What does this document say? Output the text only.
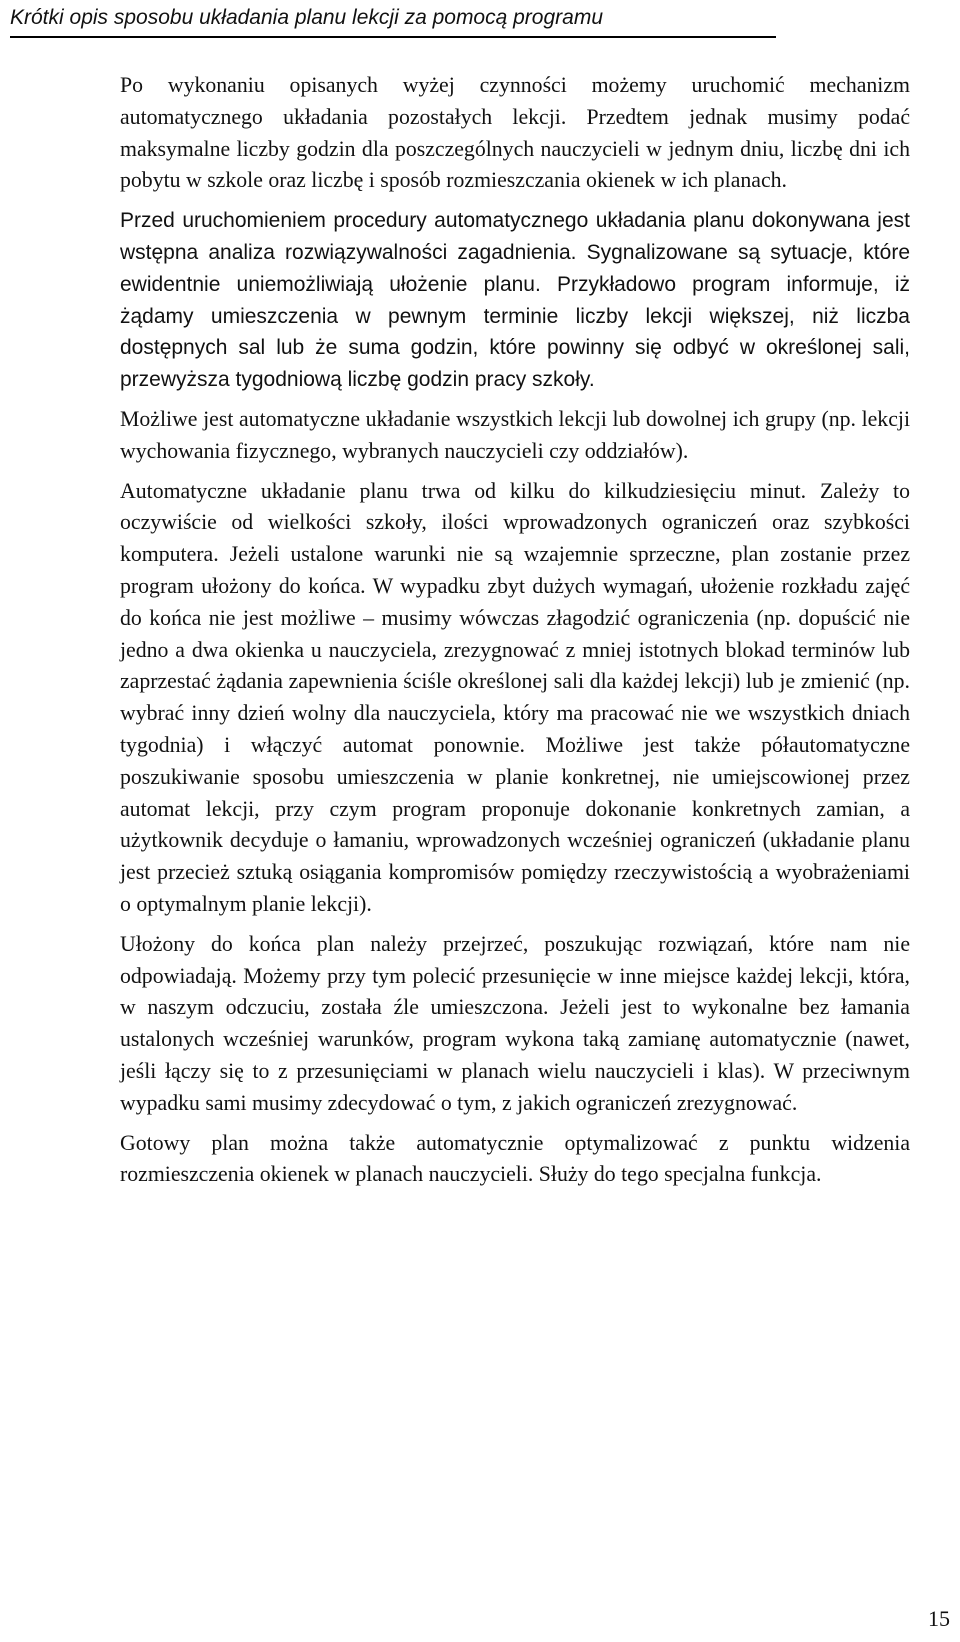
Krótki opis sposobu układania planu lekcji za pomocą programu

Po wykonaniu opisanych wyżej czynności możemy uruchomić mechanizm automatycznego układania pozostałych lekcji. Przedtem jednak musimy podać maksymalne liczby godzin dla poszczególnych nauczycieli w jednym dniu, liczbę dni ich pobytu w szkole oraz liczbę i sposób rozmieszczania okienek w ich planach.

Przed uruchomieniem procedury automatycznego układania planu dokonywana jest wstępna analiza rozwiązywalności zagadnienia. Sygnalizowane są sytuacje, które ewidentnie uniemożliwiają ułożenie planu. Przykładowo program informuje, iż żądamy umieszczenia w pewnym terminie liczby lekcji większej, niż liczba dostępnych sal lub że suma godzin, które powinny się odbyć w określonej sali, przewyższa tygodniową liczbę godzin pracy szkoły.

Możliwe jest automatyczne układanie wszystkich lekcji lub dowolnej ich grupy (np. lekcji wychowania fizycznego, wybranych nauczycieli czy oddziałów).

Automatyczne układanie planu trwa od kilku do kilkudziesięciu minut. Zależy to oczywiście od wielkości szkoły, ilości wprowadzonych ograniczeń oraz szybkości komputera. Jeżeli ustalone warunki nie są wzajemnie sprzeczne, plan zostanie przez program ułożony do końca. W wypadku zbyt dużych wymagań, ułożenie rozkładu zajęć do końca nie jest możliwe – musimy wówczas złagodzić ograniczenia (np. dopuścić nie jedno a dwa okienka u nauczyciela, zrezygnować z mniej istotnych blokad terminów lub zaprzestać żądania zapewnienia ściśle określonej sali dla każdej lekcji) lub je zmienić (np. wybrać inny dzień wolny dla nauczyciela, który ma pracować nie we wszystkich dniach tygodnia) i włączyć automat ponownie. Możliwe jest także półautomatyczne poszukiwanie sposobu umieszczenia w planie konkretnej, nie umiejscowionej przez automat lekcji, przy czym program proponuje dokonanie konkretnych zamian, a użytkownik decyduje o łamaniu, wprowadzonych wcześniej ograniczeń (układanie planu jest przecież sztuką osiągania kompromisów pomiędzy rzeczywistością a wyobrażeniami o optymalnym planie lekcji).

Ułożony do końca plan należy przejrzeć, poszukując rozwiązań, które nam nie odpowiadają. Możemy przy tym polecić przesunięcie w inne miejsce każdej lekcji, która, w naszym odczuciu, została źle umieszczona. Jeżeli jest to wykonalne bez łamania ustalonych wcześniej warunków, program wykona taką zamianę automatycznie (nawet, jeśli łączy się to z przesunięciami w planach wielu nauczycieli i klas). W przeciwnym wypadku sami musimy zdecydować o tym, z jakich ograniczeń zrezygnować.

Gotowy plan można także automatycznie optymalizować z punktu widzenia rozmieszczenia okienek w planach nauczycieli. Służy do tego specjalna funkcja.

15
